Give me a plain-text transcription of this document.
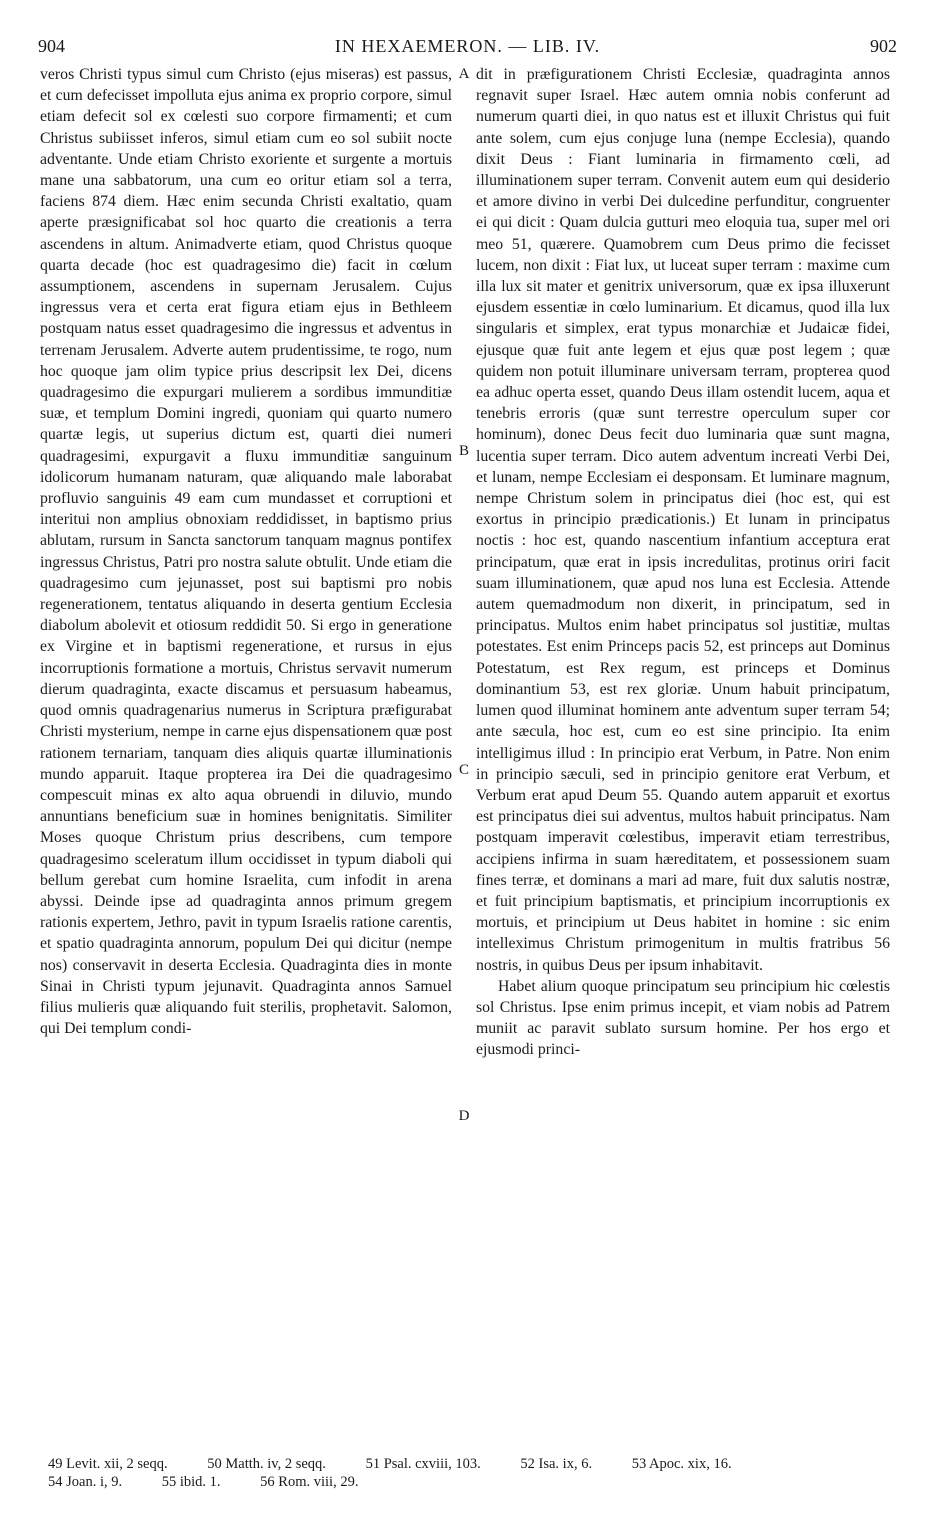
904	IN HEXAEMERON. — LIB. IV.	902

veros Christi typus simul cum Christo (ejus miseras) est passus, et cum defecisset impolluta ejus anima ex proprio corpore, simul etiam defecit sol ex cœlesti suo corpore firmamenti; et cum Christus subiisset inferos, simul etiam cum eo sol subiit nocte adventante. Unde etiam Christo exoriente et surgente a mortuis mane una sabbatorum, una cum eo oritur etiam sol a terra, faciens 874 diem. Hæc enim secunda Christi exaltatio, quam aperte præsignificabat sol hoc quarto die creationis a terra ascendens in altum. Animadverte etiam, quod Christus quoque quarta decade (hoc est quadragesimo die) facit in cœlum assumptionem, ascendens in supernam Jerusalem. Cujus ingressus vera et certa erat figura etiam ejus in Bethleem postquam natus esset quadragesimo die ingressus et adventus in terrenam Jerusalem. Adverte autem prudentissime, te rogo, num hoc quoque jam olim typice prius descripsit lex Dei, dicens quadragesimo die expurgari mulierem a sordibus immunditiæ suæ, et templum Domini ingredi, quoniam qui quarto numero quartæ legis, ut superius dictum est, quarti diei numeri quadragesimi, expurgavit a fluxu immunditiæ sanguinum idolicorum humanam naturam, quæ aliquando male laborabat profluvio sanguinis 49 eam cum mundasset et corruptioni et interitui non amplius obnoxiam reddidisset, in baptismo prius ablutam, rursum in Sancta sanctorum tanquam magnus pontifex ingressus Christus, Patri pro nostra salute obtulit. Unde etiam die quadragesimo cum jejunasset, post sui baptismi pro nobis regenerationem, tentatus aliquando in deserta gentium Ecclesia diabolum abolevit et otiosum reddidit 50. Si ergo in generatione ex Virgine et in baptismi regeneratione, et rursus in ejus incorruptionis formatione a mortuis, Christus servavit numerum dierum quadraginta, exacte discamus et persuasum habeamus, quod omnis quadragenarius numerus in Scriptura præfigurabat Christi mysterium, nempe in carne ejus dispensationem quæ post rationem ternariam, tanquam dies aliquis quartæ illuminationis mundo apparuit. Itaque propterea ira Dei die quadragesimo compescuit minas ex alto aqua obruendi in diluvio, mundo annuntians beneficium suæ in homines benignitatis. Similiter Moses quoque Christum prius describens, cum tempore quadragesimo sceleratum illum occidisset in typum diaboli qui bellum gerebat cum homine Israelita, cum infodit in arena abyssi. Deinde ipse ad quadraginta annos primum gregem rationis expertem, Jethro, pavit in typum Israelis ratione carentis, et spatio quadraginta annorum, populum Dei qui dicitur (nempe nos) conservavit in deserta Ecclesia. Quadraginta dies in monte Sinai in Christi typum jejunavit. Quadraginta annos Samuel filius mulieris quæ aliquando fuit sterilis, prophetavit. Salomon, qui Dei templum condi-

A
B
C
D

dit in præfigurationem Christi Ecclesiæ, quadraginta annos regnavit super Israel. Hæc autem omnia nobis conferunt ad numerum quarti diei, in quo natus est et illuxit Christus qui fuit ante solem, cum ejus conjuge luna (nempe Ecclesia), quando dixit Deus : Fiant luminaria in firmamento cœli, ad illuminationem super terram. Convenit autem eum qui desiderio et amore divino in verbi Dei dulcedine perfunditur, congruenter ei qui dicit : Quam dulcia gutturi meo eloquia tua, super mel ori meo 51, quærere. Quamobrem cum Deus primo die fecisset lucem, non dixit : Fiat lux, ut luceat super terram : maxime cum illa lux sit mater et genitrix universorum, quæ ex ipsa illuxerunt ejusdem essentiæ in cœlo luminarium. Et dicamus, quod illa lux singularis et simplex, erat typus monarchiæ et Judaicæ fidei, ejusque quæ fuit ante legem et ejus quæ post legem ; quæ quidem non potuit illuminare universam terram, propterea quod ea adhuc operta esset, quando Deus illam ostendit lucem, aqua et tenebris erroris (quæ sunt terrestre operculum super cor hominum), donec Deus fecit duo luminaria quæ sunt magna, lucentia super terram. Dico autem adventum increati Verbi Dei, et lunam, nempe Ecclesiam ei desponsam. Et luminare magnum, nempe Christum solem in principatus diei (hoc est, qui est exortus in principio prædicationis.) Et lunam in principatus noctis : hoc est, quando nascentium infantium acceptura erat principatum, quæ erat in ipsis incredulitas, protinus oriri facit suam illuminationem, quæ apud nos luna est Ecclesia. Attende autem quemadmodum non dixerit, in principatum, sed in principatus. Multos enim habet principatus sol justitiæ, multas potestates. Est enim Princeps pacis 52, est princeps aut Dominus Potestatum, est Rex regum, est princeps et Dominus dominantium 53, est rex gloriæ. Unum habuit principatum, lumen quod illuminat hominem ante adventum super terram 54; ante sæcula, hoc est, cum eo est sine principio. Ita enim intelligimus illud : In principio erat Verbum, in Patre. Non enim in principio sæculi, sed in principio genitore erat Verbum, et Verbum erat apud Deum 55. Quando autem apparuit et exortus est principatus diei sui adventus, multos habuit principatus. Nam postquam imperavit cœlestibus, imperavit etiam terrestribus, accipiens infirma in suam hæreditatem, et possessionem suam fines terræ, et dominans a mari ad mare, fuit dux salutis nostræ, et fuit principium baptismatis, et principium incorruptionis ex mortuis, et principium ut Deus habitet in homine : sic enim intelleximus Christum primogenitum in multis fratribus 56 nostris, in quibus Deus per ipsum inhabitavit.

Habet alium quoque principatum seu principium hic cœlestis sol Christus. Ipse enim primus incepit, et viam nobis ad Patrem muniit ac paravit sublato sursum homine. Per hos ergo et ejusmodi princi-

49 Levit. xii, 2 seqq.	50 Matth. iv, 2 seqq.	51 Psal. cxviii, 103.	52 Isa. ix, 6.	53 Apoc. xix, 16.
54 Joan. i, 9.	55 ibid. 1.	56 Rom. viii, 29.
